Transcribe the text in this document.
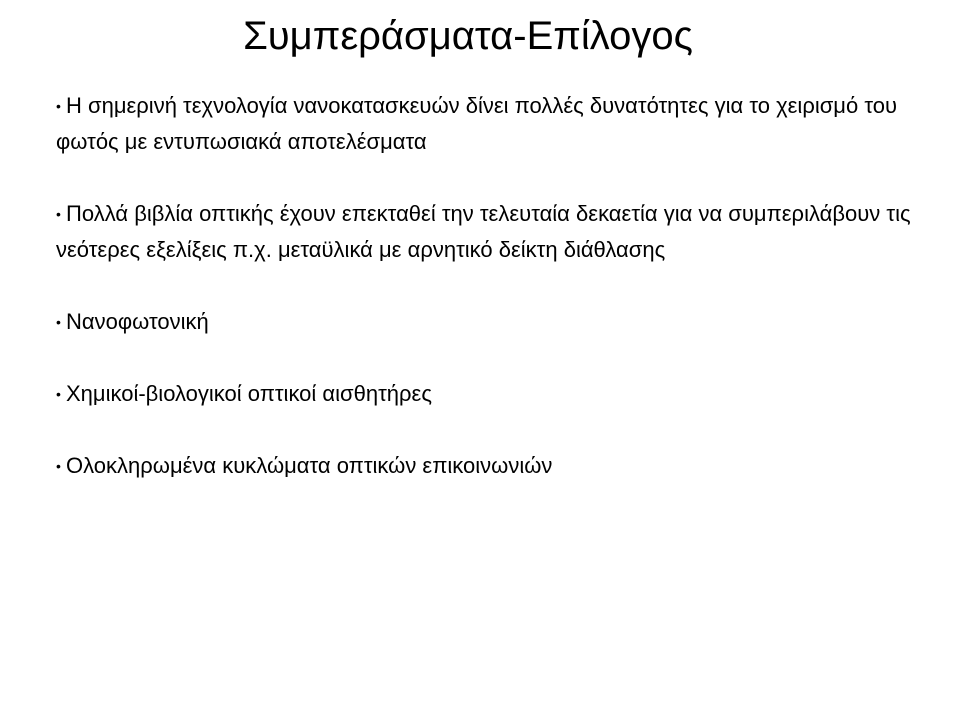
Συμπεράσματα-Επίλογος
• Η σημερινή τεχνολογία νανοκατασκευών δίνει πολλές δυνατότητες για το χειρισμό του φωτός με εντυπωσιακά αποτελέσματα
• Πολλά βιβλία οπτικής έχουν επεκταθεί την τελευταία δεκαετία για να συμπεριλάβουν τις νεότερες εξελίξεις π.χ. μεταϋλικά με αρνητικό δείκτη διάθλασης
• Νανοφωτονική
• Χημικοί-βιολογικοί οπτικοί αισθητήρες
• Ολοκληρωμένα κυκλώματα οπτικών επικοινωνιών
